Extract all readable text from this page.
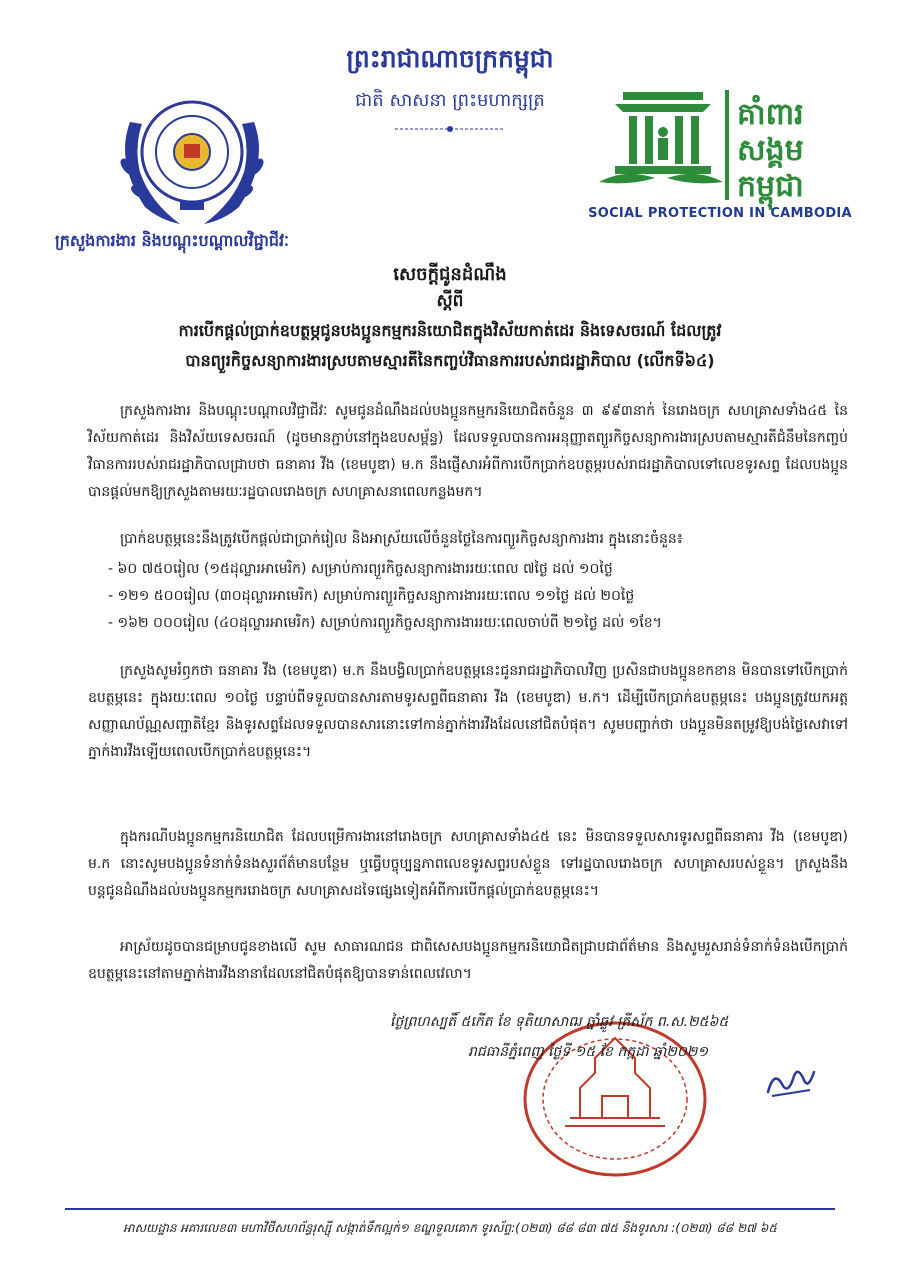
ព្រះរាជាណាចក្រកម្ពុជា
ជាតិ សាសនា ព្រះមហាក្សត្រ	គាំពារ
សង្គម
កម្ពុជា
SOCIAL PROTECTION IN CAMBODIA
ក្រសួងការងារ និងបណ្តុះបណ្តាលវិជ្ជាជីវៈ
សេចក្តីជូនដំណឹង
ស្តីពី
ការបើកផ្តល់ប្រាក់ឧបត្ថម្ភជូនបងប្អូនកម្មករនិយោជិតក្នុងវិស័យកាត់ដេរ និងទេសចរណ៍ ដែលត្រូវ
បានព្យួរកិច្ចសន្យាការងារស្របតាមស្មារតីនៃកញ្ចប់វិធានការរបស់រាជរដ្ឋាភិបាល (លើកទី៦៤)

ក្រសួងការងារ និងបណ្តុះបណ្តាលវិជ្ជាជីវៈ សូមជូនដំណឹងដល់បងប្អូនកម្មករនិយោជិតចំនួន ៣ ៩៩៣នាក់ នៃរោងចក្រ សហគ្រាសទាំង៤៥ នៃវិស័យកាត់ដេរ និងវិស័យទេសចរណ៍ (ដូចមានភ្ជាប់នៅក្នុងឧបសម្ព័ន្ធ) ដែលទទួលបានការអនុញ្ញាតព្យួរកិច្ចសន្យាការងារស្របតាមស្មារតីជំនឹមនៃកញ្ចប់វិធានការរបស់រាជរដ្ឋាភិបាលជ្រាបថា ធនាគារ វីង (ខេមបូឌា) ម.ក នឹងផ្ញើសារអំពីការបើកប្រាក់ឧបត្ថម្ភរបស់រាជរដ្ឋាភិបាលទៅលេខទូរសព្ទ ដែលបងប្អូនបានផ្តល់មកឱ្យក្រសួងតាមរយៈរដ្ឋបាលរោងចក្រ សហគ្រាសនាពេលកន្លងមក។

ប្រាក់ឧបត្ថម្ភនេះនឹងត្រូវបើកផ្តល់ជាប្រាក់រៀល និងអាស្រ័យលើចំនួនថ្ងៃនៃការព្យួរកិច្ចសន្យាការងារ ក្នុងនោះចំនួន៖

- ៦០ ៧៥០រៀល (១៥ដុល្លារអាមេរិក) សម្រាប់ការព្យួរកិច្ចសន្យាការងាររយៈពេល ៧ថ្ងៃ ដល់ ១០ថ្ងៃ
- ១២១ ៥០០រៀល (៣០ដុល្លារអាមេរិក) សម្រាប់ការព្យួរកិច្ចសន្យាការងាររយៈពេល ១១ថ្ងៃ ដល់ ២០ថ្ងៃ
- ១៦២ ០០០រៀល (៤០ដុល្លារអាមេរិក) សម្រាប់ការព្យួរកិច្ចសន្យាការងាររយៈពេលចាប់ពី ២១ថ្ងៃ ដល់ ១ខែ។

ក្រសួងសូមរំឭកថា ធនាគារ វីង (ខេមបូឌា) ម.ក នឹងបង្វិលប្រាក់ឧបត្ថម្ភនេះជូនរាជរដ្ឋាភិបាលវិញ ប្រសិនជាបងប្អូនខកខាន មិនបានទៅបើកប្រាក់ឧបត្ថម្ភនេះ ក្នុងរយៈពេល ១០ថ្ងៃ បន្ទាប់ពីទទួលបានសារតាមទូរសព្ទពីធនាគារ វីង (ខេមបូឌា) ម.ក។ ដើម្បីបើកប្រាក់ឧបត្ថម្ភនេះ បងប្អូនត្រូវយកអត្តសញ្ញាណប័ណ្ណសញ្ជាតិខ្មែរ និងទូរសព្ទដែលទទួលបានសារនោះទៅកាន់ភ្នាក់ងារវីងដែលនៅជិតបំផុត។ សូមបញ្ជាក់ថា បងប្អូនមិនតម្រូវឱ្យបង់ថ្លៃសេវាទៅភ្នាក់ងារវីងឡើយពេលបើកប្រាក់ឧបត្ថម្ភនេះ។

ក្នុងករណីបងប្អូនកម្មករនិយោជិត ដែលបម្រើការងារនៅរោងចក្រ សហគ្រាសទាំង៤៥ នេះ មិនបានទទួលសារទូរសព្ទពីធនាគារ វីង (ខេមបូឌា) ម.ក នោះសូមបងប្អូនទំនាក់ទំនងសួរព័ត៌មានបន្ថែម ឬធ្វើបច្ចុប្បន្នភាពលេខទូរសព្ទរបស់ខ្លួន ទៅរដ្ឋបាលរោងចក្រ សហគ្រាសរបស់ខ្លួន។ ក្រសួងនឹងបន្តជូនដំណឹងដល់បងប្អូនកម្មកររោងចក្រ សហគ្រាសដទៃផ្សេងទៀតអំពីការបើកផ្តល់ប្រាក់ឧបត្ថម្ភនេះ។

អាស្រ័យដូចបានជម្រាបជូនខាងលើ សូម សាធារណជន ជាពិសេសបងប្អូនកម្មករនិយោជិតជ្រាបជាព័ត៌មាន និងសូមរួសរាន់ទំនាក់ទំនងបើកប្រាក់ឧបត្ថម្ភនេះនៅតាមភ្នាក់ងារវីងនានាដែលនៅជិតបំផុតឱ្យបានទាន់ពេលវេលា។

ថ្ងៃព្រហស្បតិ៍ ៥កើត ខែ ទុតិយាសាឍ ឆ្នាំឆ្លូវ ត្រីស័ក ព.ស.២៥៦៥
រាជធានីភ្នំពេញ ថ្ងៃទី ១៥ ខែ កក្កដា ឆ្នាំ២០២១
អាសយដ្ឋាន អគារលេខ៣ មហាវិថីសហព័ន្ធរុស្ស៊ី សង្កាត់ទឹកល្អក់១ ខណ្ឌទួលគោក ទូរស័ព្ទ:(០២៣) ៨៨ ៨៣ ៧៥ និងទូរសារ :(០២៣) ៨៨ ២៧ ៦៥
